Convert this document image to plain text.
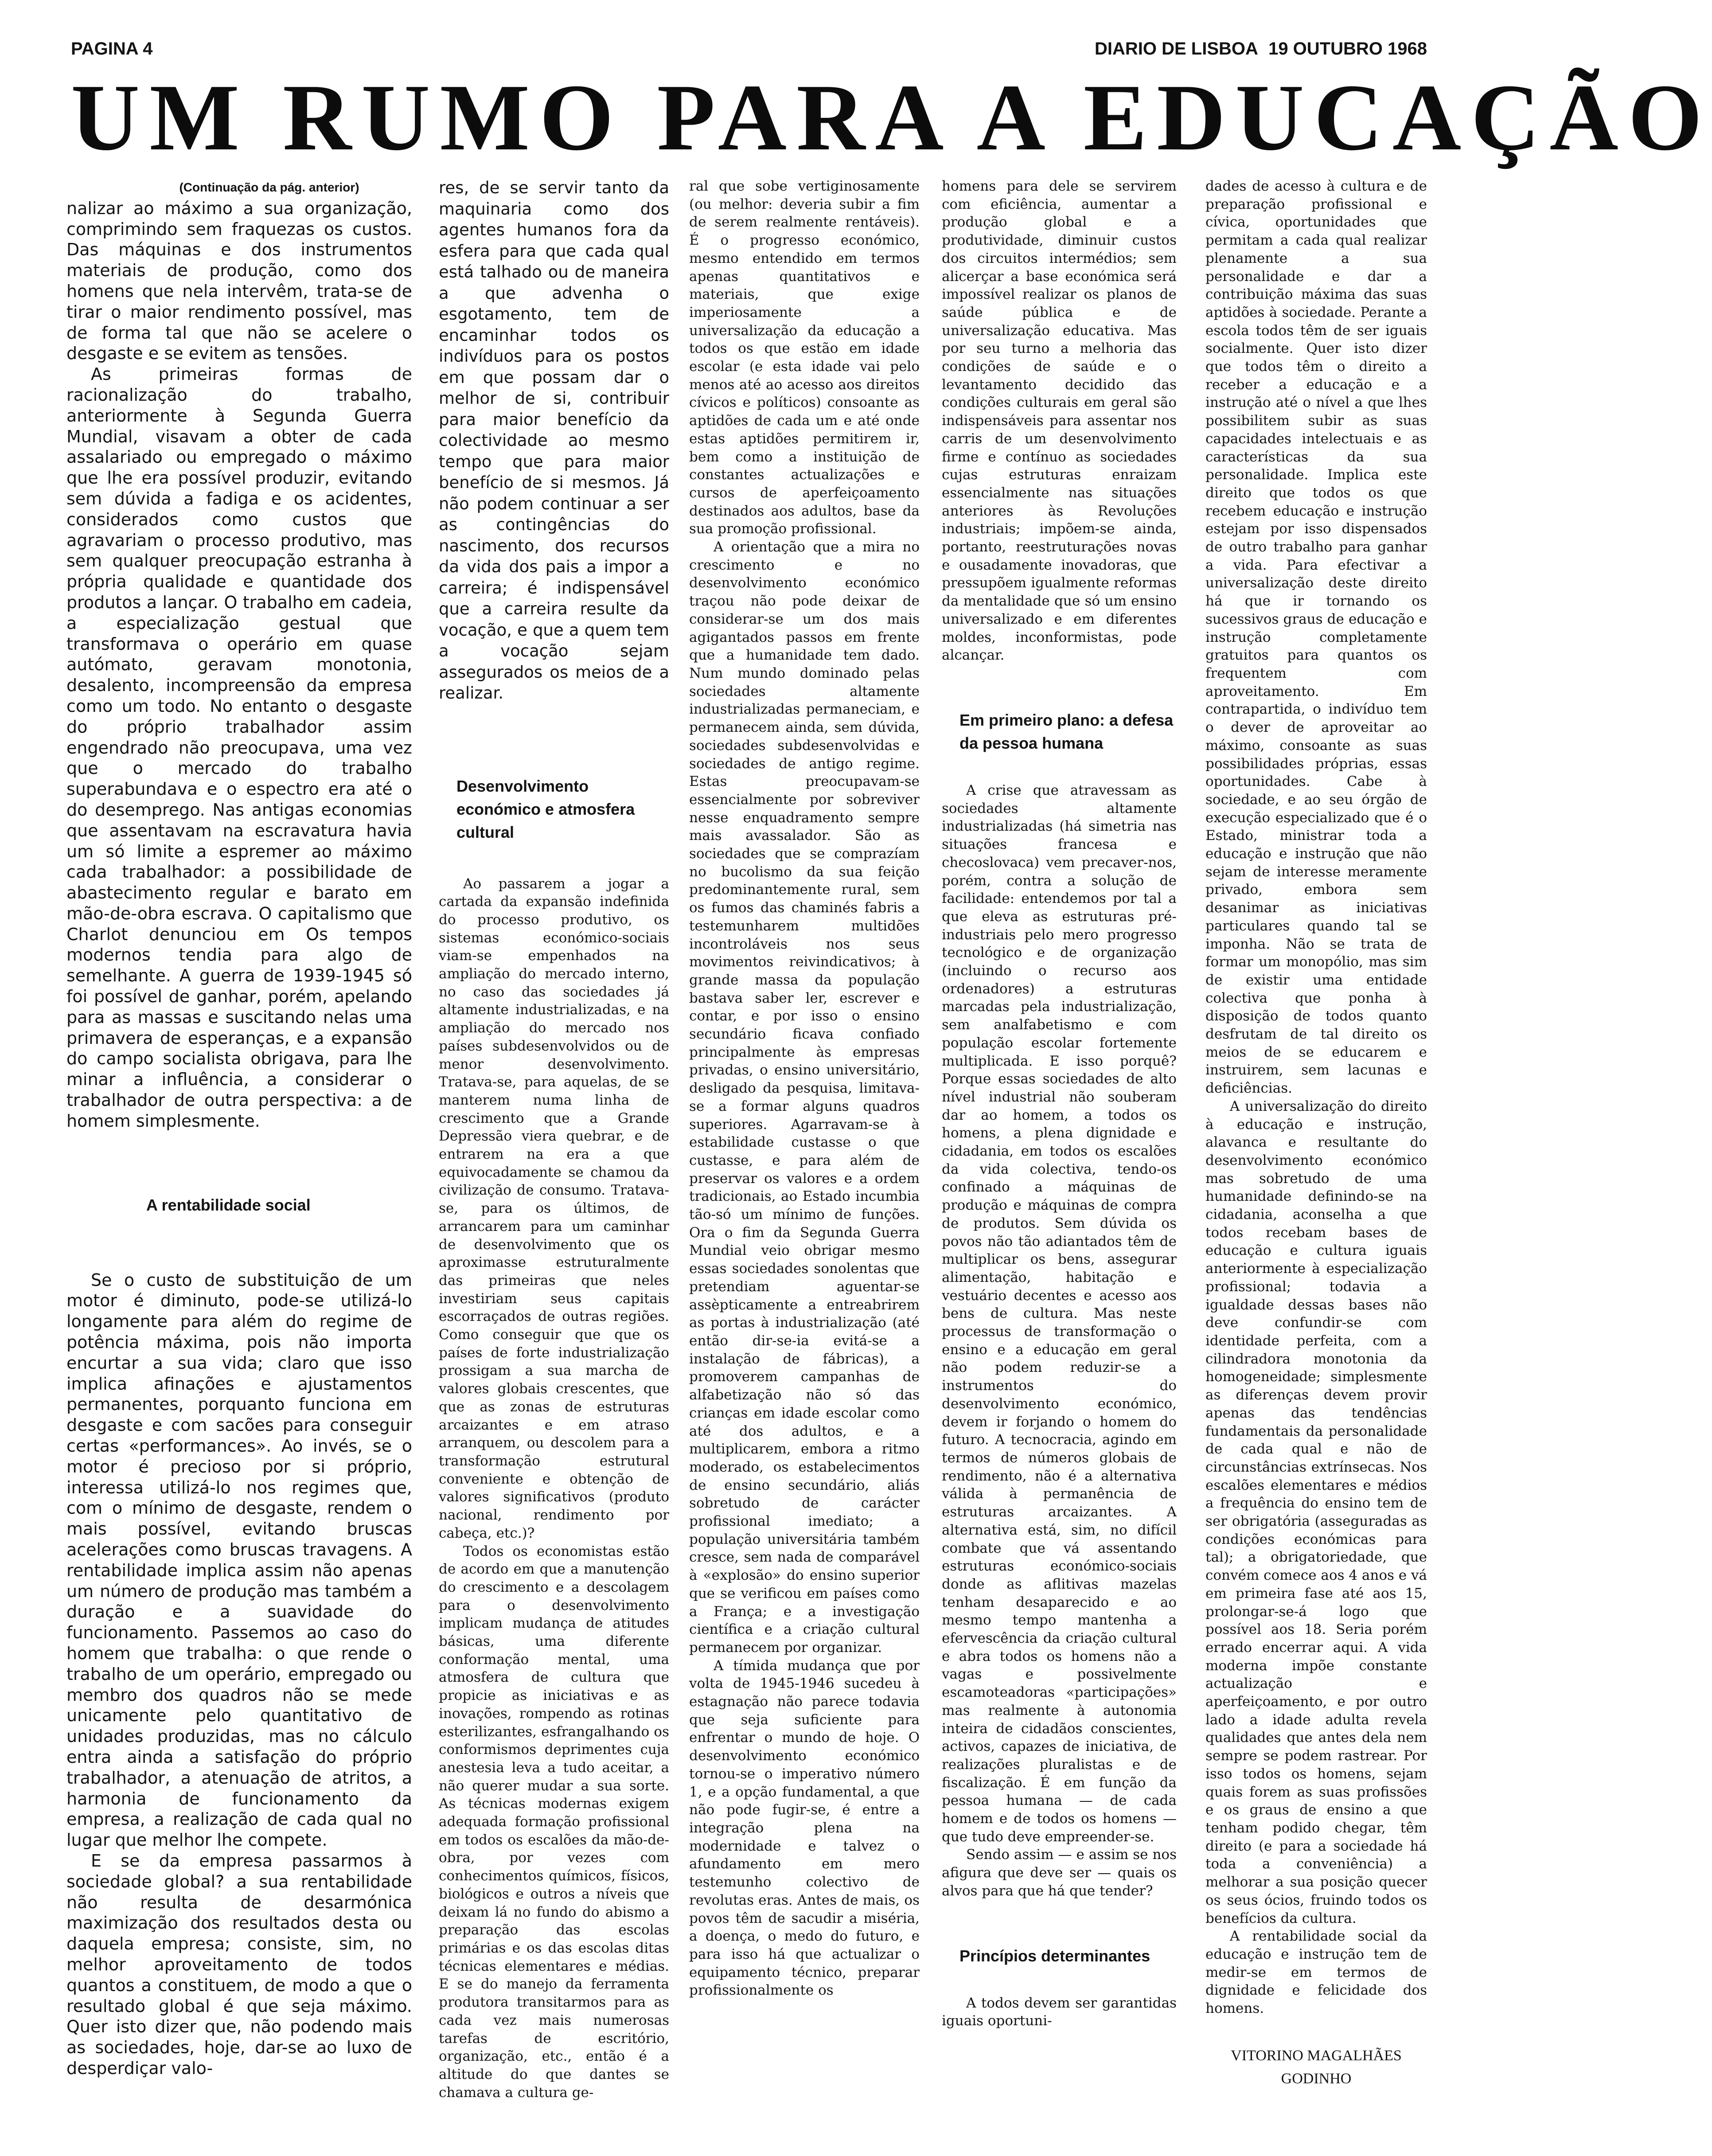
PAGINA 4	DIARIO DE LISBOA 19 OUTUBRO 1968
UM RUMO PARA A EDUCAÇÃO

(Continuação da pág. anterior)

nalizar ao máximo a sua organização, comprimindo sem fraquezas os custos. Das máquinas e dos instrumentos materiais de produção, como dos homens que nela intervêm, trata-se de tirar o maior rendimento possível, mas de forma tal que não se acelere o desgaste e se evitem as tensões.

As primeiras formas de racionalização do trabalho, anteriormente à Segunda Guerra Mundial, visavam a obter de cada assalariado ou empregado o máximo que lhe era possível produzir, evitando sem dúvida a fadiga e os acidentes, considerados como custos que agravariam o processo produtivo, mas sem qualquer preocupação estranha à própria qualidade e quantidade dos produtos a lançar. O trabalho em cadeia, a especialização gestual que transformava o operário em quase autómato, geravam monotonia, desalento, incompreensão da empresa como um todo. No entanto o desgaste do próprio trabalhador assim engendrado não preocupava, uma vez que o mercado do trabalho superabundava e o espectro era até o do desemprego. Nas antigas economias que assentavam na escravatura havia um só limite a espremer ao máximo cada trabalhador: a possibilidade de abastecimento regular e barato em mão-de-obra escrava. O capitalismo que Charlot denunciou em Os tempos modernos tendia para algo de semelhante. A guerra de 1939-1945 só foi possível de ganhar, porém, apelando para as massas e suscitando nelas uma primavera de esperanças, e a expansão do campo socialista obrigava, para lhe minar a influência, a considerar o trabalhador de outra perspectiva: a de homem simplesmente.

A rentabilidade social

Se o custo de substituição de um motor é diminuto, pode-se utilizá-lo longamente para além do regime de potência máxima, pois não importa encurtar a sua vida; claro que isso implica afinações e ajustamentos permanentes, porquanto funciona em desgaste e com sacões para conseguir certas «performances». Ao invés, se o motor é precioso por si próprio, interessa utilizá-lo nos regimes que, com o mínimo de desgaste, rendem o mais possível, evitando bruscas acelerações como bruscas travagens. A rentabilidade implica assim não apenas um número de produção mas também a duração e a suavidade do funcionamento. Passemos ao caso do homem que trabalha: o que rende o trabalho de um operário, empregado ou membro dos quadros não se mede unicamente pelo quantitativo de unidades produzidas, mas no cálculo entra ainda a satisfação do próprio trabalhador, a atenuação de atritos, a harmonia de funcionamento da empresa, a realização de cada qual no lugar que melhor lhe compete.

E se da empresa passarmos à sociedade global? a sua rentabilidade não resulta de desarmónica maximização dos resultados desta ou daquela empresa; consiste, sim, no melhor aproveitamento de todos quantos a constituem, de modo a que o resultado global é que seja máximo. Quer isto dizer que, não podendo mais as sociedades, hoje, dar-se ao luxo de desperdiçar valo-

res, de se servir tanto da maquinaria como dos agentes humanos fora da esfera para que cada qual está talhado ou de maneira a que advenha o esgotamento, tem de encaminhar todos os indivíduos para os postos em que possam dar o melhor de si, contribuir para maior benefício da colectividade ao mesmo tempo que para maior benefício de si mesmos. Já não podem continuar a ser as contingências do nascimento, dos recursos da vida dos pais a impor a carreira; é indispensável que a carreira resulte da vocação, e que a quem tem a vocação sejam assegurados os meios de a realizar.

Desenvolvimento económico e atmosfera cultural

Ao passarem a jogar a cartada da expansão indefinida do processo produtivo, os sistemas económico-sociais viam-se empenhados na ampliação do mercado interno, no caso das sociedades já altamente industrializadas, e na ampliação do mercado nos países subdesenvolvidos ou de menor desenvolvimento. Tratava-se, para aquelas, de se manterem numa linha de crescimento que a Grande Depressão viera quebrar, e de entrarem na era a que equivocadamente se chamou da civilização de consumo. Tratava-se, para os últimos, de arrancarem para um caminhar de desenvolvimento que os aproximasse estruturalmente das primeiras que neles investiriam seus capitais escorraçados de outras regiões. Como conseguir que que os países de forte industrialização prossigam a sua marcha de valores globais crescentes, que que as zonas de estruturas arcaizantes e em atraso arranquem, ou descolem para a transformação estrutural conveniente e obtenção de valores significativos (produto nacional, rendimento por cabeça, etc.)?

Todos os economistas estão de acordo em que a manutenção do crescimento e a descolagem para o desenvolvimento implicam mudança de atitudes básicas, uma diferente conformação mental, uma atmosfera de cultura que propicie as iniciativas e as inovações, rompendo as rotinas esterilizantes, esfrangalhando os conformismos deprimentes cuja anestesia leva a tudo aceitar, a não querer mudar a sua sorte. As técnicas modernas exigem adequada formação profissional em todos os escalões da mão-de-obra, por vezes com conhecimentos químicos, físicos, biológicos e outros a níveis que deixam lá no fundo do abismo a preparação das escolas primárias e os das escolas ditas técnicas elementares e médias. E se do manejo da ferramenta produtora transitarmos para as cada vez mais numerosas tarefas de escritório, organização, etc., então é a altitude do que dantes se chamava a cultura ge-

ral que sobe vertiginosamente (ou melhor: deveria subir a fim de serem realmente rentáveis). É o progresso económico, mesmo entendido em termos apenas quantitativos e materiais, que exige imperiosamente a universalização da educação a todos os que estão em idade escolar (e esta idade vai pelo menos até ao acesso aos direitos cívicos e políticos) consoante as aptidões de cada um e até onde estas aptidões permitirem ir, bem como a instituição de constantes actualizações e cursos de aperfeiçoamento destinados aos adultos, base da sua promoção profissional.

A orientação que a mira no crescimento e no desenvolvimento económico traçou não pode deixar de considerar-se um dos mais agigantados passos em frente que a humanidade tem dado. Num mundo dominado pelas sociedades altamente industrializadas permaneciam, e permanecem ainda, sem dúvida, sociedades subdesenvolvidas e sociedades de antigo regime. Estas preocupavam-se essencialmente por sobreviver nesse enquadramento sempre mais avassalador. São as sociedades que se comprazíam no bucolismo da sua feição predominantemente rural, sem os fumos das chaminés fabris a testemunharem multidões incontroláveis nos seus movimentos reivindicativos; à grande massa da população bastava saber ler, escrever e contar, e por isso o ensino secundário ficava confiado principalmente às empresas privadas, o ensino universitário, desligado da pesquisa, limitava-se a formar alguns quadros superiores. Agarravam-se à estabilidade custasse o que custasse, e para além de preservar os valores e a ordem tradicionais, ao Estado incumbia tão-só um mínimo de funções. Ora o fim da Segunda Guerra Mundial veio obrigar mesmo essas sociedades sonolentas que pretendiam aguentar-se assèpticamente a entreabrirem as portas à industrialização (até então dir-se-ia evitá-se a instalação de fábricas), a promoverem campanhas de alfabetização não só das crianças em idade escolar como até dos adultos, e a multiplicarem, embora a ritmo moderado, os estabelecimentos de ensino secundário, aliás sobretudo de carácter profissional imediato; a população universitária também cresce, sem nada de comparável à «explosão» do ensino superior que se verificou em países como a França; e a investigação científica e a criação cultural permanecem por organizar.

A tímida mudança que por volta de 1945-1946 sucedeu à estagnação não parece todavia que seja suficiente para enfrentar o mundo de hoje. O desenvolvimento económico tornou-se o imperativo número 1, e a opção fundamental, a que não pode fugir-se, é entre a integração plena na modernidade e talvez o afundamento em mero testemunho colectivo de revolutas eras. Antes de mais, os povos têm de sacudir a miséria, a doença, o medo do futuro, e para isso há que actualizar o equipamento técnico, preparar profissionalmente os

homens para dele se servirem com eficiência, aumentar a produção global e a produtividade, diminuir custos dos circuitos intermédios; sem alicerçar a base económica será impossível realizar os planos de saúde pública e de universalização educativa. Mas por seu turno a melhoria das condições de saúde e o levantamento decidido das condições culturais em geral são indispensáveis para assentar nos carris de um desenvolvimento firme e contínuo as sociedades cujas estruturas enraizam essencialmente nas situações anteriores às Revoluções industriais; impõem-se ainda, portanto, reestruturações novas e ousadamente inovadoras, que pressupõem igualmente reformas da mentalidade que só um ensino universalizado e em diferentes moldes, inconformistas, pode alcançar.

Em primeiro plano: a defesa da pessoa humana

A crise que atravessam as sociedades altamente industrializadas (há simetria nas situações francesa e checoslovaca) vem precaver-nos, porém, contra a solução de facilidade: entendemos por tal a que eleva as estruturas pré-industriais pelo mero progresso tecnológico e de organização (incluindo o recurso aos ordenadores) a estruturas marcadas pela industrialização, sem analfabetismo e com população escolar fortemente multiplicada. E isso porquê? Porque essas sociedades de alto nível industrial não souberam dar ao homem, a todos os homens, a plena dignidade e cidadania, em todos os escalões da vida colectiva, tendo-os confinado a máquinas de produção e máquinas de compra de produtos. Sem dúvida os povos não tão adiantados têm de multiplicar os bens, assegurar alimentação, habitação e vestuário decentes e acesso aos bens de cultura. Mas neste processus de transformação o ensino e a educação em geral não podem reduzir-se a instrumentos do desenvolvimento económico, devem ir forjando o homem do futuro. A tecnocracia, agindo em termos de números globais de rendimento, não é a alternativa válida à permanência de estruturas arcaizantes. A alternativa está, sim, no difícil combate que vá assentando estruturas económico-sociais donde as aflitivas mazelas tenham desaparecido e ao mesmo tempo mantenha a efervescência da criação cultural e abra todos os homens não a vagas e possivelmente escamoteadoras «participações» mas realmente à autonomia inteira de cidadãos conscientes, activos, capazes de iniciativa, de realizações pluralistas e de fiscalização. É em função da pessoa humana — de cada homem e de todos os homens — que tudo deve empreender-se.

Sendo assim — e assim se nos afigura que deve ser — quais os alvos para que há que tender?

Princípios determinantes

A todos devem ser garantidas iguais oportuni-

dades de acesso à cultura e de preparação profissional e cívica, oportunidades que permitam a cada qual realizar plenamente a sua personalidade e dar a contribuição máxima das suas aptidões à sociedade. Perante a escola todos têm de ser iguais socialmente. Quer isto dizer que todos têm o direito a receber a educação e a instrução até o nível a que lhes possibilitem subir as suas capacidades intelectuais e as características da sua personalidade. Implica este direito que todos os que recebem educação e instrução estejam por isso dispensados de outro trabalho para ganhar a vida. Para efectivar a universalização deste direito há que ir tornando os sucessivos graus de educação e instrução completamente gratuitos para quantos os frequentem com aproveitamento. Em contrapartida, o indivíduo tem o dever de aproveitar ao máximo, consoante as suas possibilidades próprias, essas oportunidades. Cabe à sociedade, e ao seu órgão de execução especializado que é o Estado, ministrar toda a educação e instrução que não sejam de interesse meramente privado, embora sem desanimar as iniciativas particulares quando tal se imponha. Não se trata de formar um monopólio, mas sim de existir uma entidade colectiva que ponha à disposição de todos quanto desfrutam de tal direito os meios de se educarem e instruirem, sem lacunas e deficiências.

A universalização do direito à educação e instrução, alavanca e resultante do desenvolvimento económico mas sobretudo de uma humanidade definindo-se na cidadania, aconselha a que todos recebam bases de educação e cultura iguais anteriormente à especialização profissional; todavia a igualdade dessas bases não deve confundir-se com identidade perfeita, com a cilindradora monotonia da homogeneidade; simplesmente as diferenças devem provir apenas das tendências fundamentais da personalidade de cada qual e não de circunstâncias extrínsecas. Nos escalões elementares e médios a frequência do ensino tem de ser obrigatória (asseguradas as condições económicas para tal); a obrigatoriedade, que convém comece aos 4 anos e vá em primeira fase até aos 15, prolongar-se-á logo que possível aos 18. Seria porém errado encerrar aqui. A vida moderna impõe constante actualização e aperfeiçoamento, e por outro lado a idade adulta revela qualidades que antes dela nem sempre se podem rastrear. Por isso todos os homens, sejam quais forem as suas profissões e os graus de ensino a que tenham podido chegar, têm direito (e para a sociedade há toda a conveniência) a melhorar a sua posição quecer os seus ócios, fruindo todos os benefícios da cultura.

A rentabilidade social da educação e instrução tem de medir-se em termos de dignidade e felicidade dos homens.

VITORINO MAGALHÃES
GODINHO
